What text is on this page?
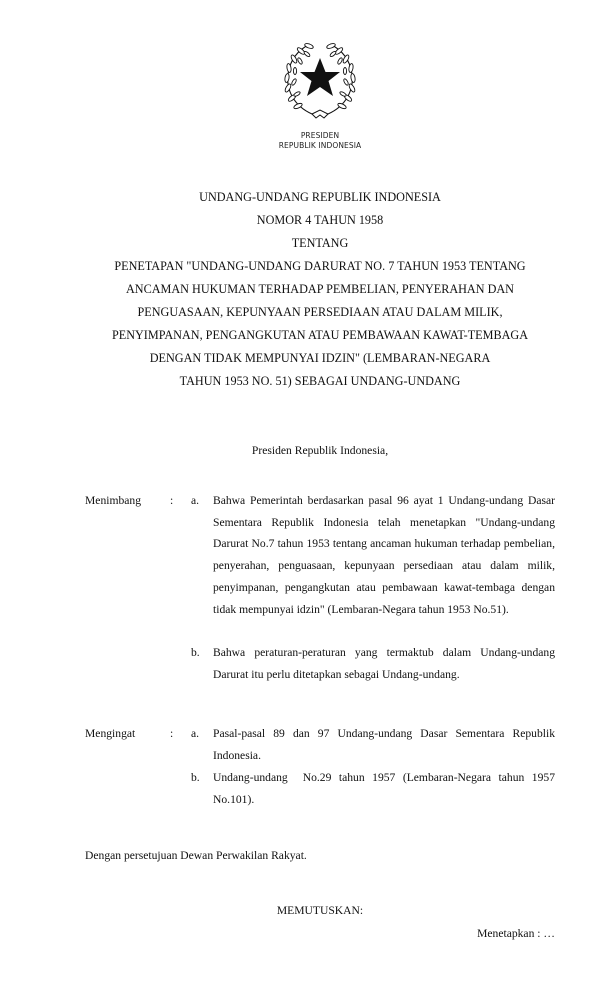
PRESIDEN
REPUBLIK INDONESIA
UNDANG-UNDANG REPUBLIK INDONESIA
NOMOR 4 TAHUN 1958
TENTANG
PENETAPAN "UNDANG-UNDANG DARURAT NO. 7 TAHUN 1953 TENTANG
ANCAMAN HUKUMAN TERHADAP PEMBELIAN, PENYERAHAN DAN
PENGUASAAN, KEPUNYAAN PERSEDIAAN ATAU DALAM MILIK,
PENYIMPANAN, PENGANGKUTAN ATAU PEMBAWAAN KAWAT-TEMBAGA
DENGAN TIDAK MEMPUNYAI IDZIN" (LEMBARAN-NEGARA
TAHUN 1953 NO. 51) SEBAGAI UNDANG-UNDANG
Presiden Republik Indonesia,
Menimbang : a. Bahwa Pemerintah berdasarkan pasal 96 ayat 1 Undang-undang Dasar Sementara Republik Indonesia telah menetapkan "Undang-undang Darurat No.7 tahun 1953 tentang ancaman hukuman terhadap pembelian, penyerahan, penguasaan, kepunyaan persediaan atau dalam milik, penyimpanan, pengangkutan atau pembawaan kawat-tembaga dengan tidak mempunyai idzin" (Lembaran-Negara tahun 1953 No.51).
b. Bahwa peraturan-peraturan yang termaktub dalam Undang-undang Darurat itu perlu ditetapkan sebagai Undang-undang.
Mengingat	: a. Pasal-pasal 89 dan 97 Undang-undang Dasar Sementara Republik Indonesia.
b. Undang-undang  No.29 tahun 1957 (Lembaran-Negara tahun 1957 No.101).
Dengan persetujuan Dewan Perwakilan Rakyat.
MEMUTUSKAN:
Menetapkan : …
